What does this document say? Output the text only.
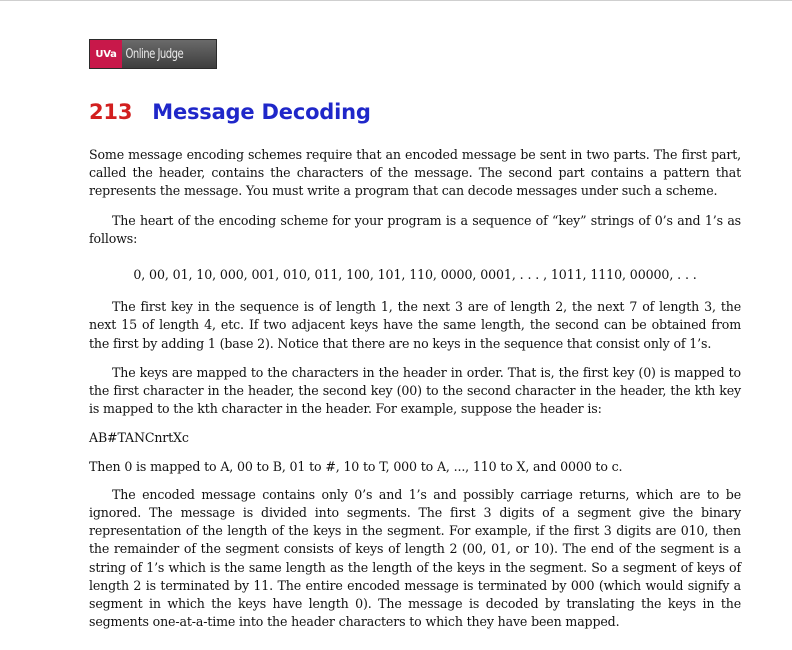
UVa Online Judge
213 Message Decoding

Some message encoding schemes require that an encoded message be sent in two parts. The first part, called the header, contains the characters of the message. The second part contains a pattern that represents the message. You must write a program that can decode messages under such a scheme.

The heart of the encoding scheme for your program is a sequence of “key” strings of 0’s and 1’s as follows:

0, 00, 01, 10, 000, 001, 010, 011, 100, 101, 110, 0000, 0001, . . . , 1011, 1110, 00000, . . .

The first key in the sequence is of length 1, the next 3 are of length 2, the next 7 of length 3, the next 15 of length 4, etc. If two adjacent keys have the same length, the second can be obtained from the first by adding 1 (base 2). Notice that there are no keys in the sequence that consist only of 1’s.

The keys are mapped to the characters in the header in order. That is, the first key (0) is mapped to the first character in the header, the second key (00) to the second character in the header, the kth key is mapped to the kth character in the header. For example, suppose the header is:

AB#TANCnrtXc

Then 0 is mapped to A, 00 to B, 01 to #, 10 to T, 000 to A, ..., 110 to X, and 0000 to c.

The encoded message contains only 0’s and 1’s and possibly carriage returns, which are to be ignored. The message is divided into segments. The first 3 digits of a segment give the binary representation of the length of the keys in the segment. For example, if the first 3 digits are 010, then the remainder of the segment consists of keys of length 2 (00, 01, or 10). The end of the segment is a string of 1’s which is the same length as the length of the keys in the segment. So a segment of keys of length 2 is terminated by 11. The entire encoded message is terminated by 000 (which would signify a segment in which the keys have length 0). The message is decoded by translating the keys in the segments one-at-a-time into the header characters to which they have been mapped.
